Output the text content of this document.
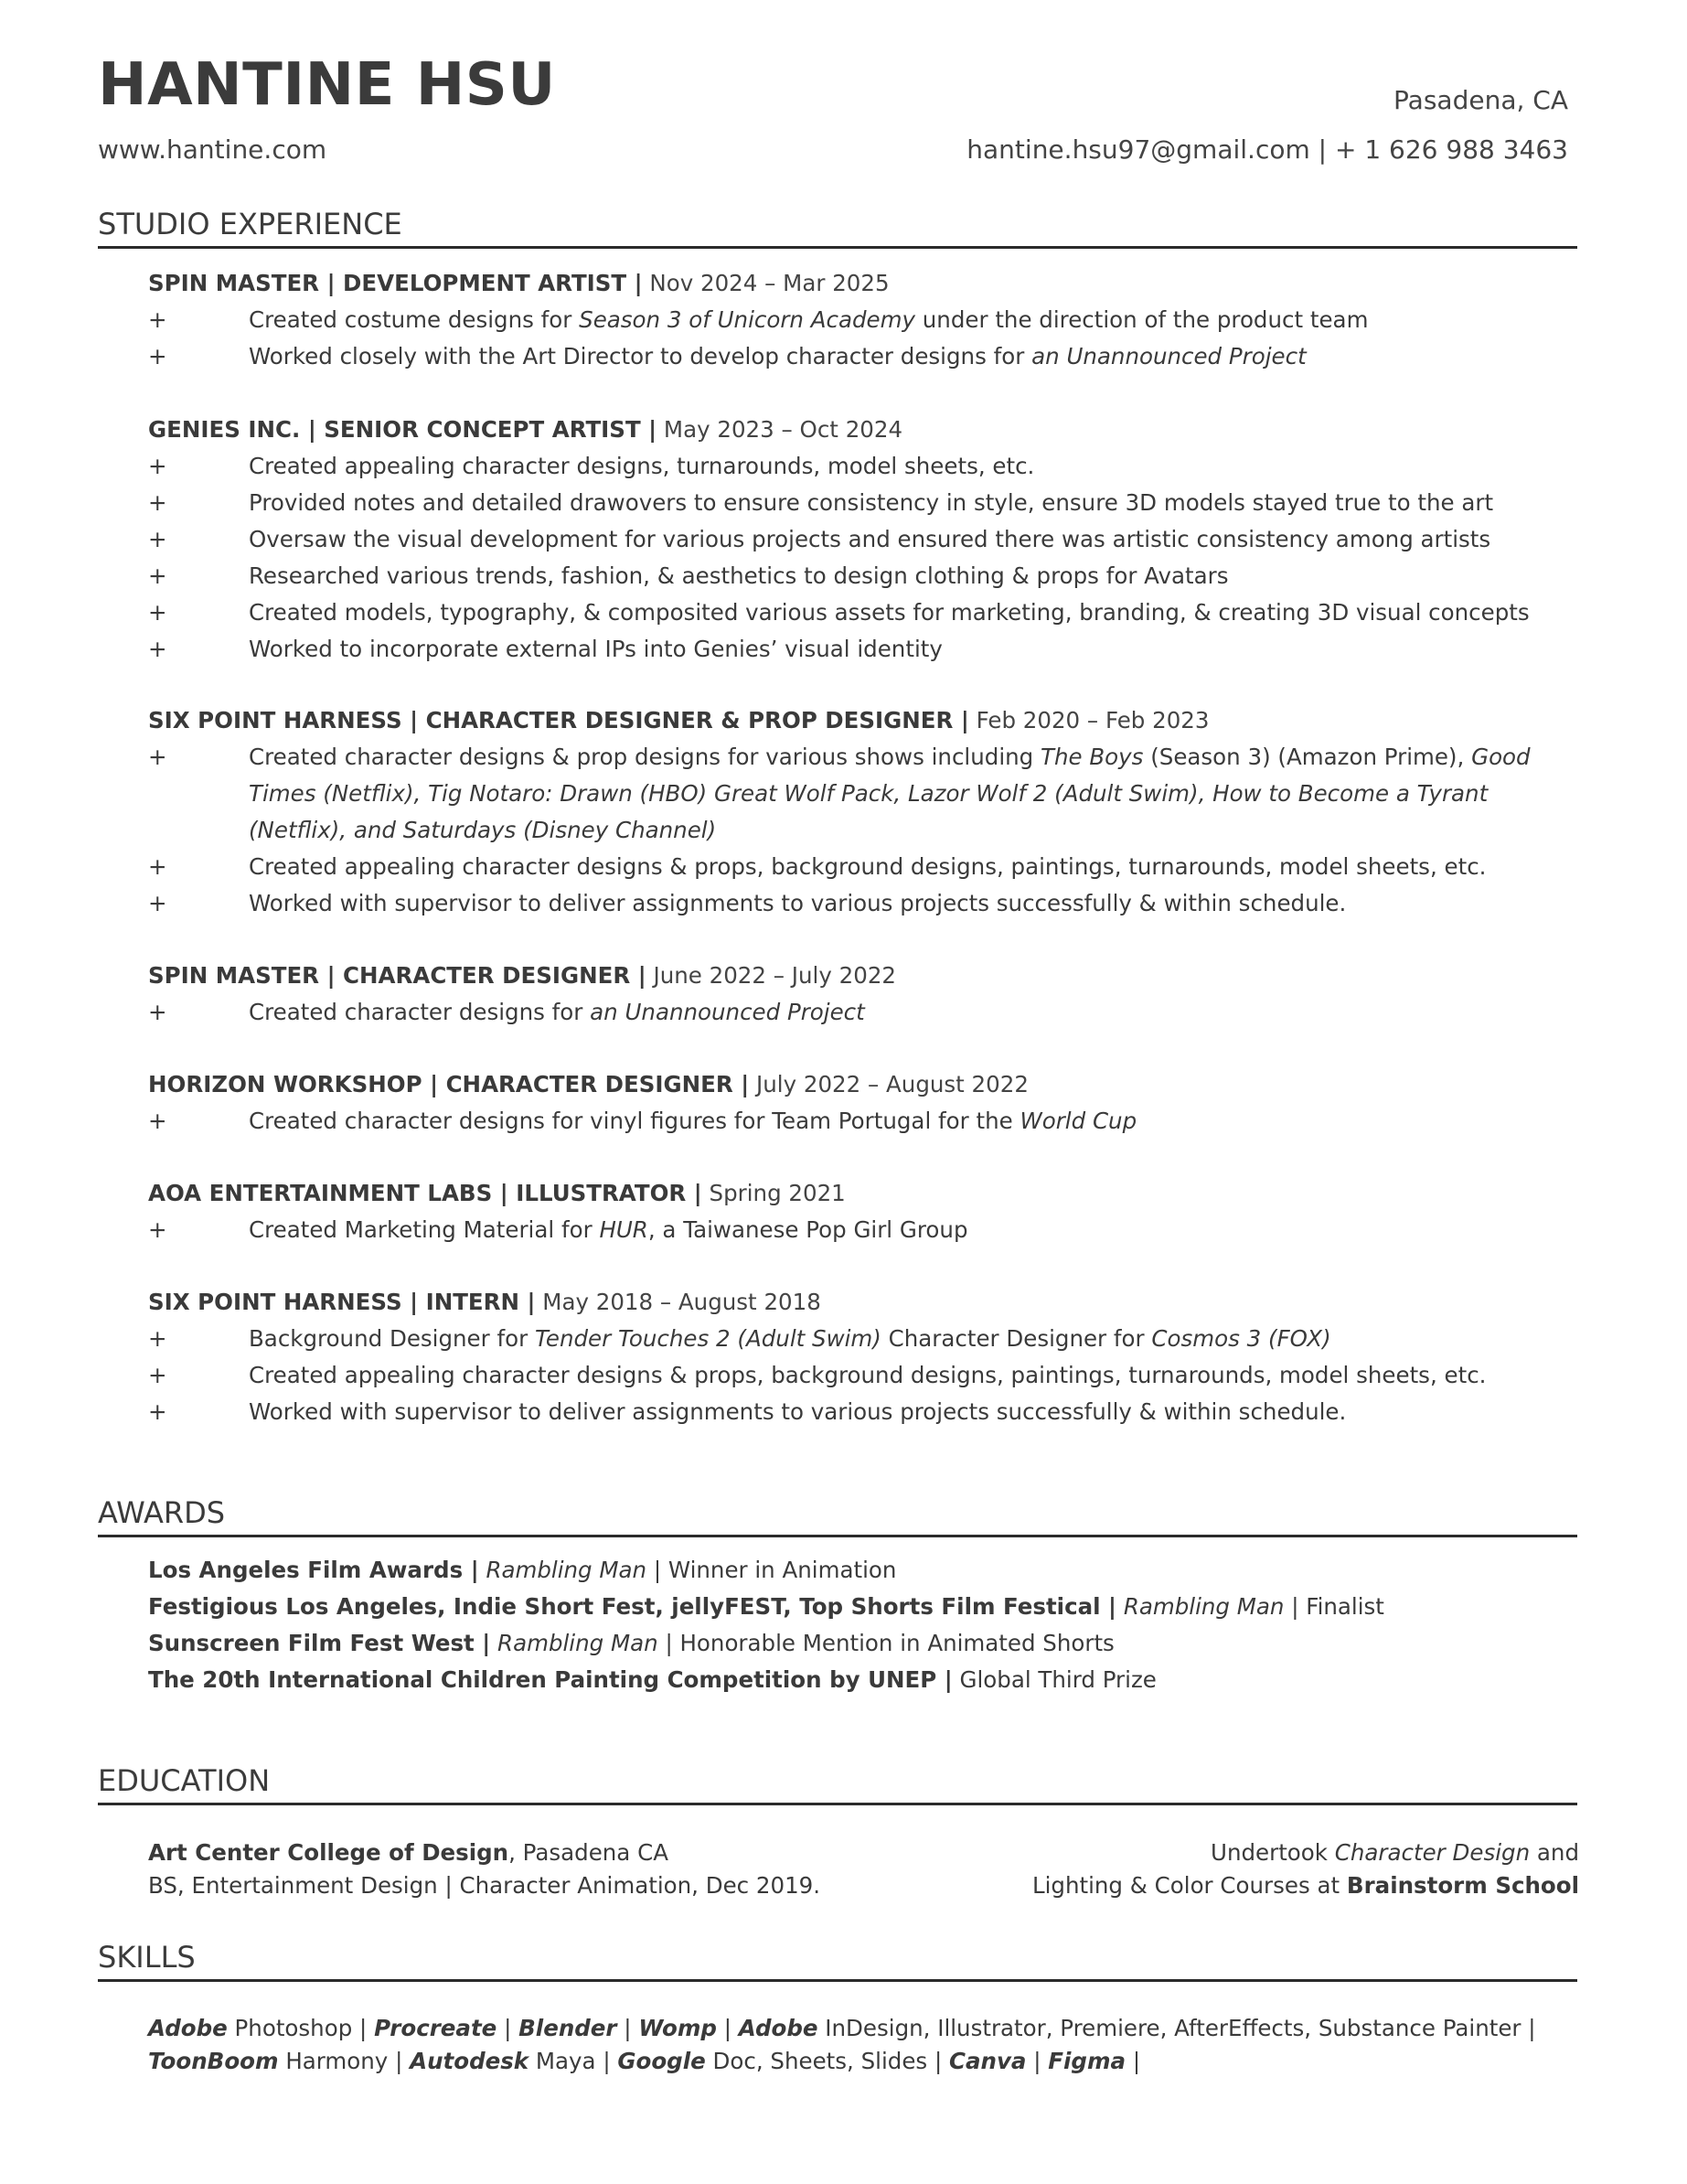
HANTINE HSU	Pasadena, CA
www.hantine.com	hantine.hsu97@gmail.com | + 1 626 988 3463
STUDIO EXPERIENCE
SPIN MASTER | DEVELOPMENT ARTIST | Nov 2024 – Mar 2025
+	Created costume designs for Season 3 of Unicorn Academy under the direction of the product team
+	Worked closely with the Art Director to develop character designs for an Unannounced Project
GENIES INC. | SENIOR CONCEPT ARTIST | May 2023 – Oct 2024
+	Created appealing character designs, turnarounds, model sheets, etc.
+	Provided notes and detailed drawovers to ensure consistency in style, ensure 3D models stayed true to the art
+	Oversaw the visual development for various projects and ensured there was artistic consistency among artists
+	Researched various trends, fashion, & aesthetics to design clothing & props for Avatars
+	Created models, typography, & composited various assets for marketing, branding, & creating 3D visual concepts
+	Worked to incorporate external IPs into Genies’ visual identity
SIX POINT HARNESS | CHARACTER DESIGNER & PROP DESIGNER | Feb 2020 – Feb 2023
+	Created character designs & prop designs for various shows including The Boys (Season 3) (Amazon Prime), Good Times (Netflix), Tig Notaro: Drawn (HBO) Great Wolf Pack, Lazor Wolf 2 (Adult Swim), How to Become a Tyrant (Netflix), and Saturdays (Disney Channel)
+	Created appealing character designs & props, background designs, paintings, turnarounds, model sheets, etc.
+	Worked with supervisor to deliver assignments to various projects successfully & within schedule.
SPIN MASTER | CHARACTER DESIGNER | June 2022 – July 2022
+	Created character designs for an Unannounced Project
HORIZON WORKSHOP | CHARACTER DESIGNER | July 2022 – August 2022
+	Created character designs for vinyl figures for Team Portugal for the World Cup
AOA ENTERTAINMENT LABS | ILLUSTRATOR | Spring 2021
+	Created Marketing Material for HUR, a Taiwanese Pop Girl Group
SIX POINT HARNESS | INTERN | May 2018 – August 2018
+	Background Designer for Tender Touches 2 (Adult Swim) Character Designer for Cosmos 3 (FOX)
+	Created appealing character designs & props, background designs, paintings, turnarounds, model sheets, etc.
+	Worked with supervisor to deliver assignments to various projects successfully & within schedule.
AWARDS
Los Angeles Film Awards | Rambling Man | Winner in Animation
Festigious Los Angeles, Indie Short Fest, jellyFEST, Top Shorts Film Festical | Rambling Man | Finalist
Sunscreen Film Fest West | Rambling Man | Honorable Mention in Animated Shorts
The 20th International Children Painting Competition by UNEP | Global Third Prize
EDUCATION
Art Center College of Design, Pasadena CA
BS, Entertainment Design | Character Animation, Dec 2019.
Undertook Character Design and
Lighting & Color Courses at Brainstorm School
SKILLS
Adobe Photoshop | Procreate | Blender | Womp | Adobe InDesign, Illustrator, Premiere, AfterEffects, Substance Painter |
ToonBoom Harmony | Autodesk Maya | Google Doc, Sheets, Slides | Canva | Figma |
